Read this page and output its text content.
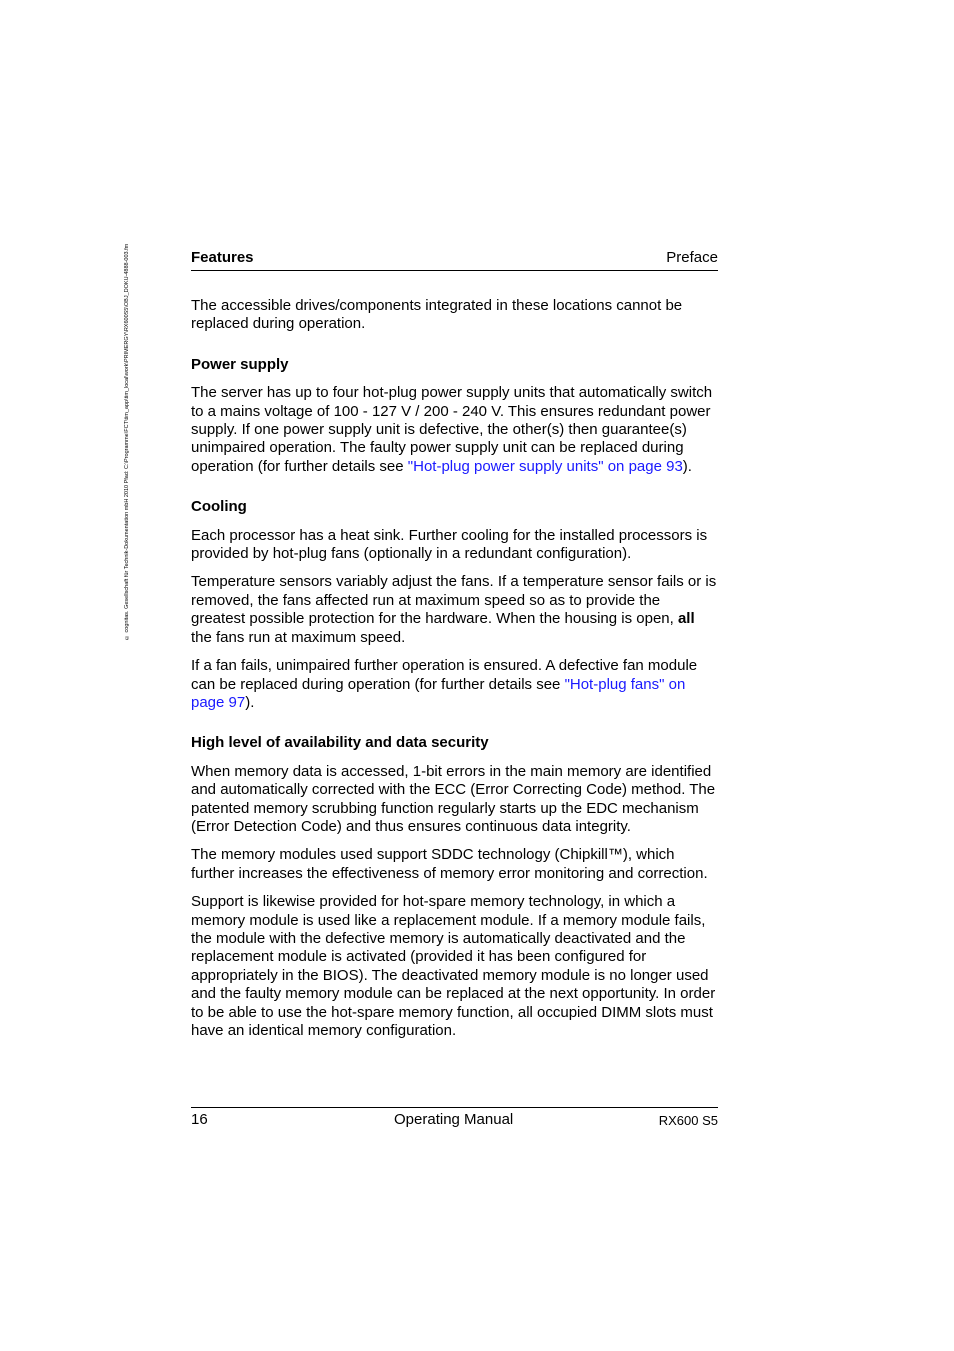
© cognitas. Gesellschaft für Technik-Dokumentation mbH 2010 Pfad: C:\Programme\FCT\tim_app\tim_local\work\PRIMERGY\RX600S5\OBJ_DOKU-4888-003.fm	Features	Preface

The accessible drives/components integrated in these locations cannot be replaced during operation.

Power supply

The server has up to four hot-plug power supply units that automatically switch to a mains voltage of 100 - 127 V / 200 - 240 V. This ensures redundant power supply. If one power supply unit is defective, the other(s) then guarantee(s) unimpaired operation. The faulty power supply unit can be replaced during operation (for further details see "Hot-plug power supply units" on page 93).

Cooling

Each processor has a heat sink. Further cooling for the installed processors is provided by hot-plug fans (optionally in a redundant configuration).

Temperature sensors variably adjust the fans. If a temperature sensor fails or is removed, the fans affected run at maximum speed so as to provide the greatest possible protection for the hardware. When the housing is open, all the fans run at maximum speed.

If a fan fails, unimpaired further operation is ensured. A defective fan module can be replaced during operation (for further details see "Hot-plug fans" on page 97).

High level of availability and data security

When memory data is accessed, 1-bit errors in the main memory are identified and automatically corrected with the ECC (Error Correcting Code) method. The patented memory scrubbing function regularly starts up the EDC mechanism (Error Detection Code) and thus ensures continuous data integrity.

The memory modules used support SDDC technology (Chipkill™), which further increases the effectiveness of memory error monitoring and correction.

Support is likewise provided for hot-spare memory technology, in which a memory module is used like a replacement module. If a memory module fails, the module with the defective memory is automatically deactivated and the replacement module is activated (provided it has been configured for appropriately in the BIOS). The deactivated memory module is no longer used and the faulty memory module can be replaced at the next opportunity. In order to be able to use the hot-spare memory function, all occupied DIMM slots must have an identical memory configuration.

16	Operating Manual	RX600 S5
